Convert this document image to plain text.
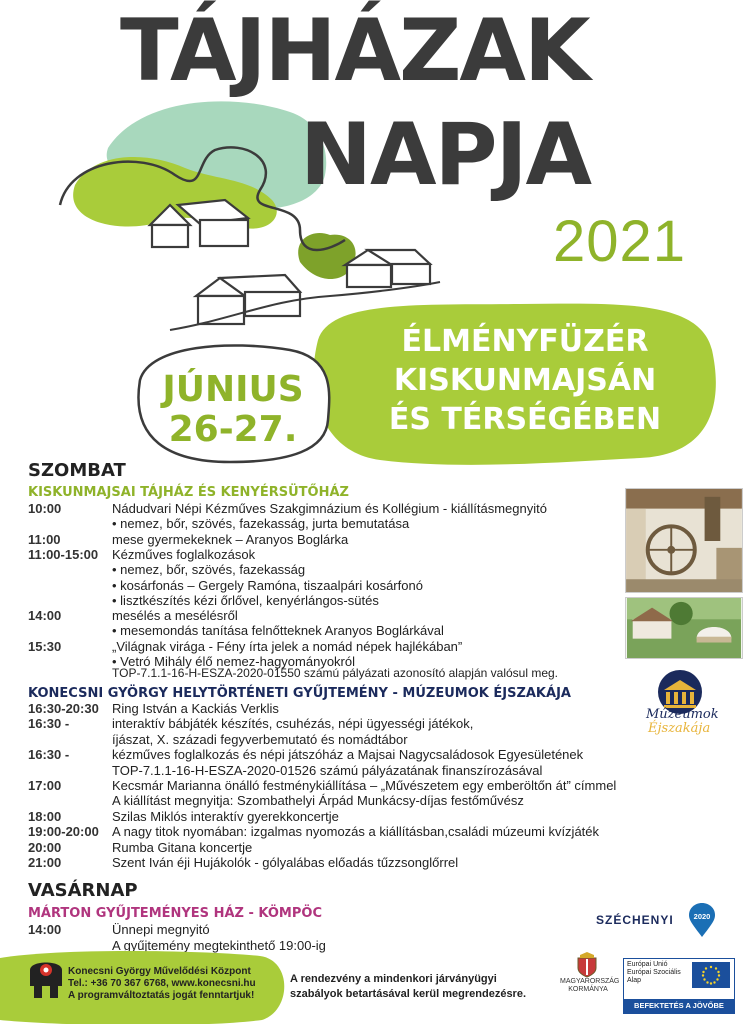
TÁJHÁZAK
NAPJA
2021
ÉLMÉNYFÜZÉR
KISKUNMAJSÁN
ÉS TÉRSÉGÉBEN
JÚNIUS
26-27.
SZOMBAT
KISKUNMAJSAI TÁJHÁZ ÉS KENYÉRSÜTŐHÁZ
10:00	Nádudvari Népi Kézműves Szakgimnázium és Kollégium - kiállításmegnyitó
• nemez, bőr, szövés, fazekasság, jurta bemutatása
11:00	mese gyermekeknek – Aranyos Boglárka
11:00-15:00 Kézműves foglalkozások
• nemez, bőr, szövés, fazekasság
• kosárfonás – Gergely Ramóna, tiszaalpári kosárfonó
• lisztkészítés kézi őrlővel, kenyérlángos-sütés
14:00	mesélés a mesélésről
• mesemondás tanítása felnőtteknek Aranyos Boglárkával
15:30	„Világnak virága - Fény írta jelek a nomád népek hajlékában”
• Vetró Mihály élő nemez-hagyományokról
TOP-7.1.1-16-H-ESZA-2020-01550 számú pályázati azonosító alapján valósul meg.
KONECSNI GYÖRGY HELYTÖRTÉNETI GYŰJTEMÉNY - MÚZEUMOK ÉJSZAKÁJA
16:30-20:30 Ring István a Kackiás Verklis
16:30 -	interaktív bábjáték készítés, csuhézás, népi ügyességi játékok,
íjászat, X. századi fegyverbemutató és nomádtábor
16:30 -	kézműves foglalkozás és népi játszóház a Majsai Nagycsaládosok Egyesületének
TOP-7.1.1-16-H-ESZA-2020-01526 számú pályázatának finanszírozásával
17:00	Kecsmár Marianna önálló festménykiállítása – „Művészetem egy emberöltőn át” címmel
A kiállítást megnyitja: Szombathelyi Árpád Munkácsy-díjas festőművész
18:00	Szilas Miklós interaktív gyerekkoncertje
19:00-20:00 A nagy titok nyomában: izgalmas nyomozás a kiállításban,családi múzeumi kvízjáték
20:00	Rumba Gitana koncertje
21:00	Szent Iván éji Hujákolók - gólyalábas előadás tűzzsonglőrrel
Múzeumok
Éjszakája
VASÁRNAP
MÁRTON GYŰJTEMÉNYES HÁZ - KÖMPÖC
14:00	Ünnepi megnyitó
A gyűjtemény megtekinthető 19:00-ig
Konecsni György Művelődési Központ
Tel.: +36 70 367 6768, www.konecsni.hu
A programváltoztatás jogát fenntartjuk!
A rendezvény a mindenkori járványügyi
szabályok betartásával kerül megrendezésre.
SZÉCHENYI	2020
MAGYARORSZÁG
KORMÁNYA
Európai Unió
Európai Szociális
Alap
BEFEKTETÉS A JÖVŐBE
